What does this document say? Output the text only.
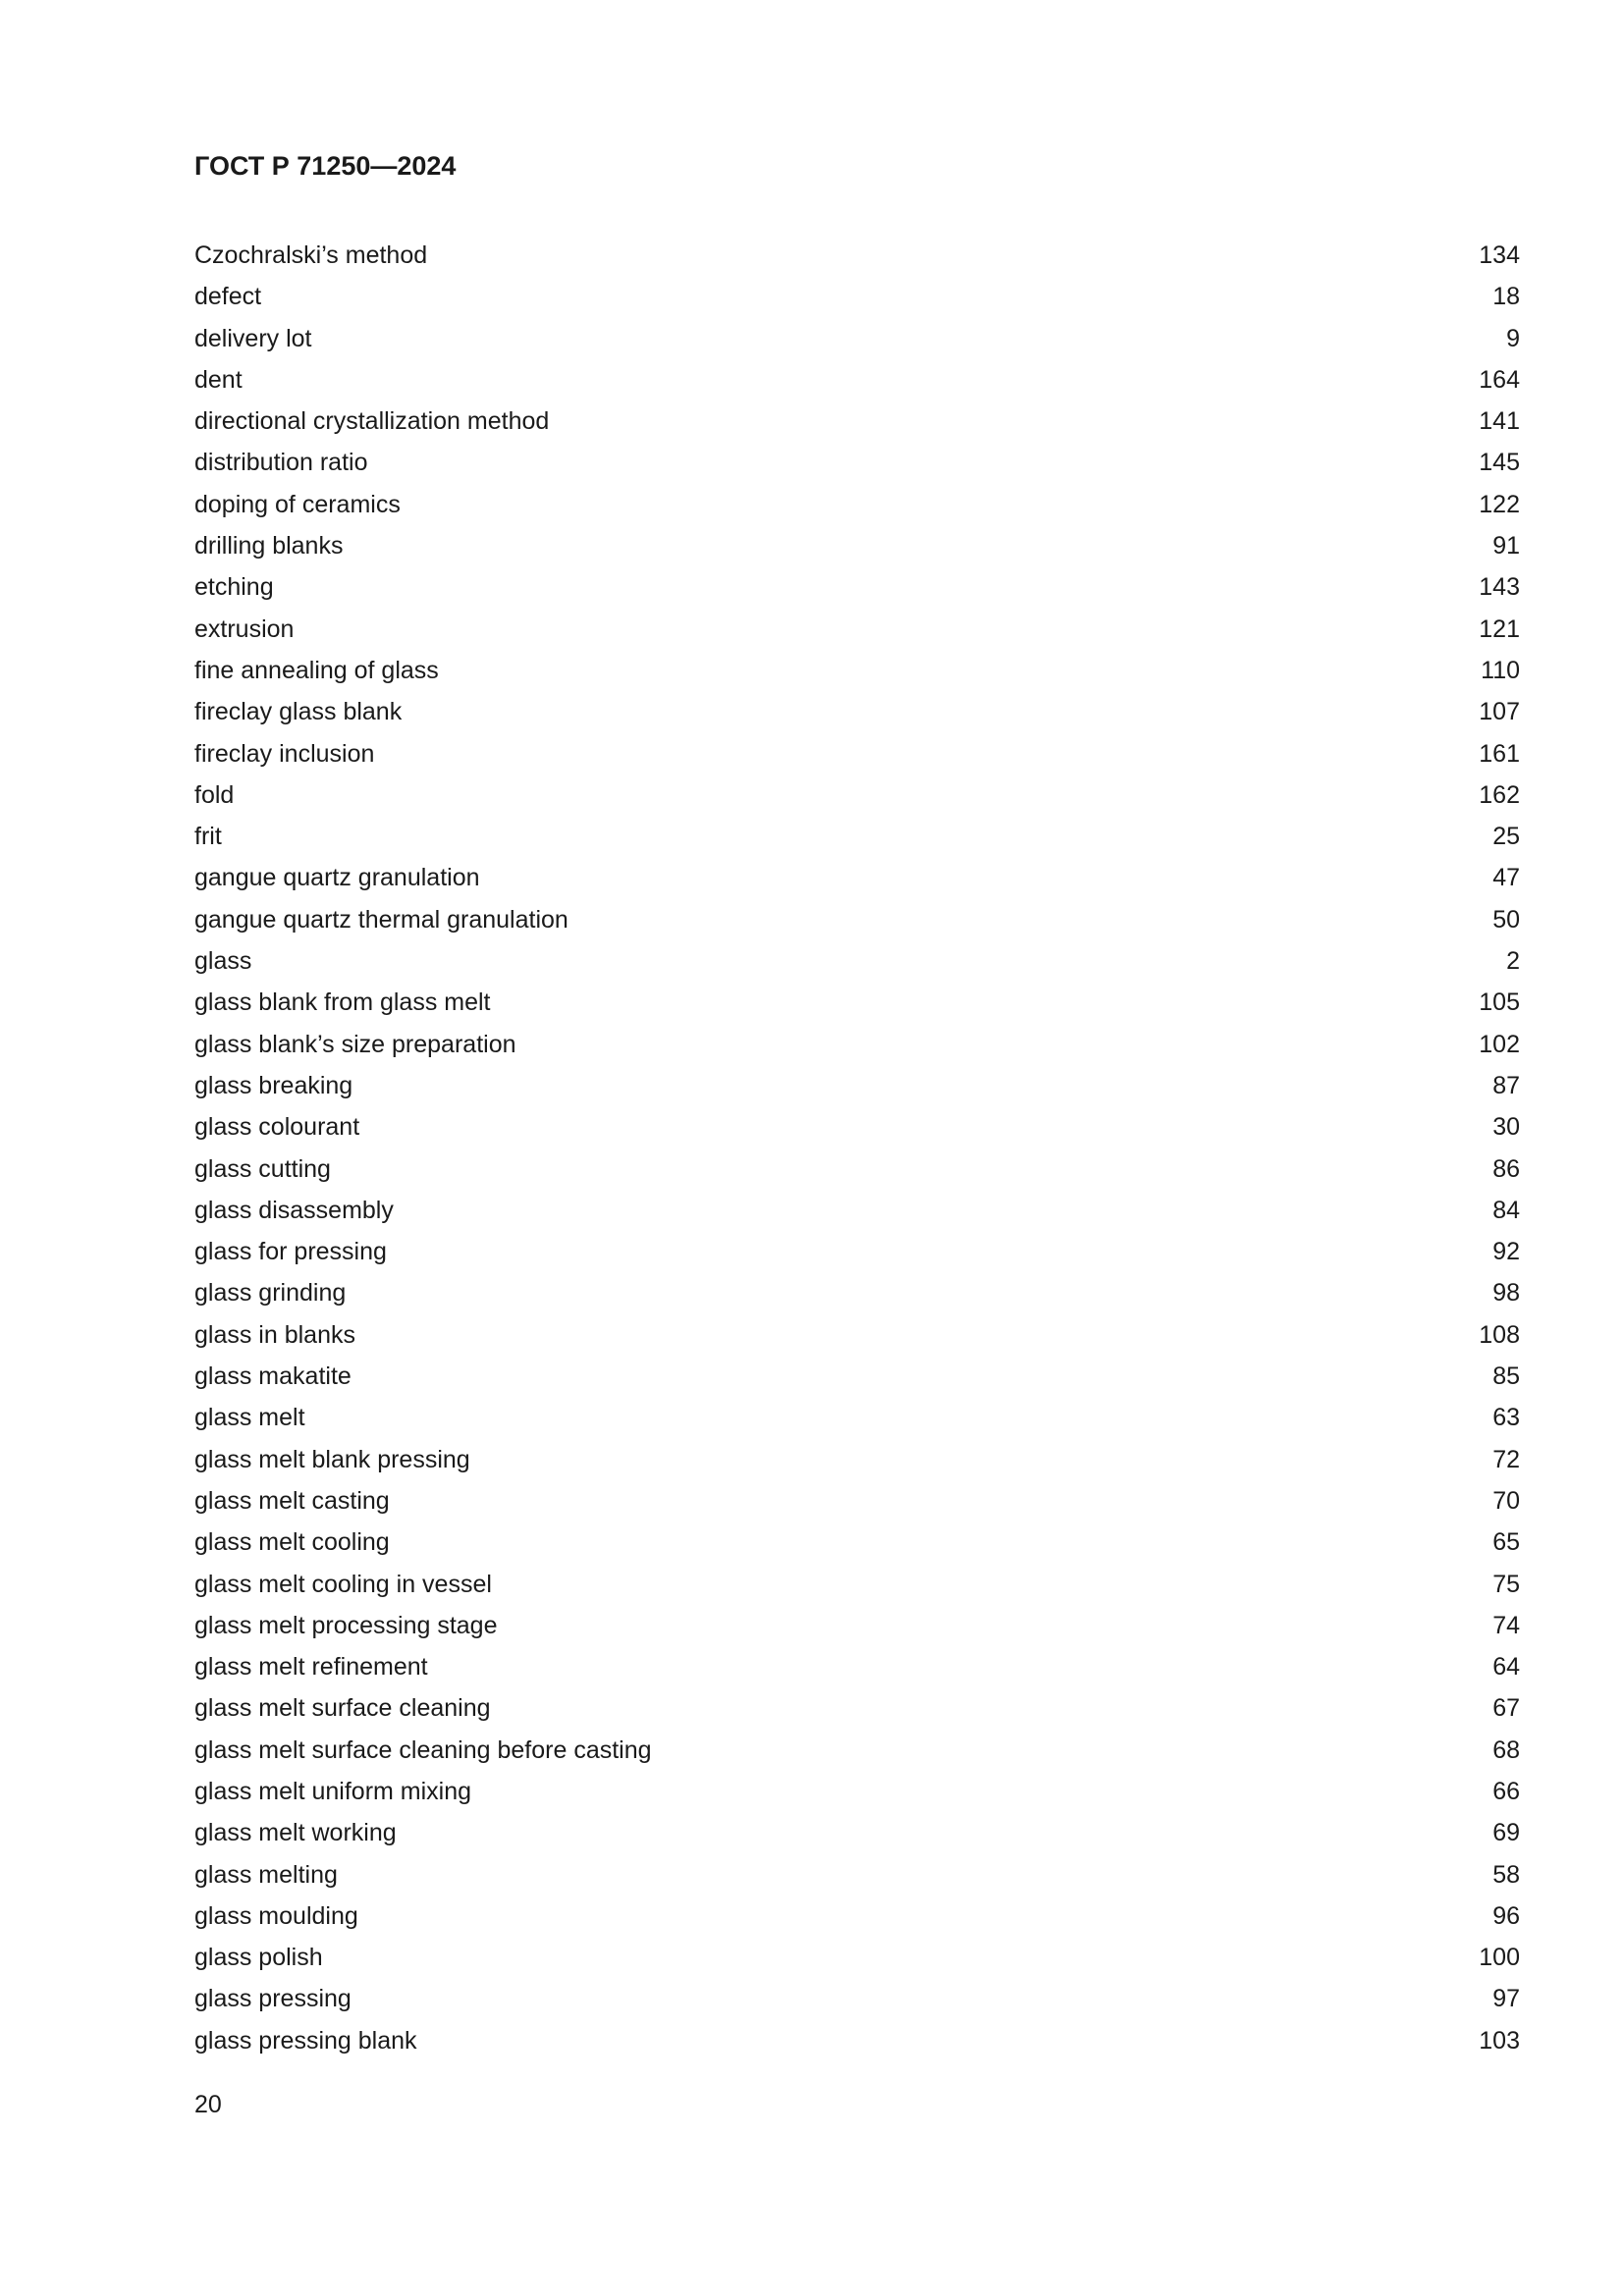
ГОСТ Р 71250—2024
Czochralski’s method	134
defect	18
delivery lot	9
dent	164
directional crystallization method	141
distribution ratio	145
doping of ceramics	122
drilling blanks	91
etching	143
extrusion	121
fine annealing of glass	110
fireclay glass blank	107
fireclay inclusion	161
fold	162
frit	25
gangue quartz granulation	47
gangue quartz thermal granulation	50
glass	2
glass blank from glass melt	105
glass blank’s size preparation	102
glass breaking	87
glass colourant	30
glass cutting	86
glass disassembly	84
glass for pressing	92
glass grinding	98
glass in blanks	108
glass makatite	85
glass melt	63
glass melt blank pressing	72
glass melt casting	70
glass melt cooling	65
glass melt cooling in vessel	75
glass melt processing stage	74
glass melt refinement	64
glass melt surface cleaning	67
glass melt surface cleaning before casting	68
glass melt uniform mixing	66
glass melt working	69
glass melting	58
glass moulding	96
glass polish	100
glass pressing	97
glass pressing blank	103
20
